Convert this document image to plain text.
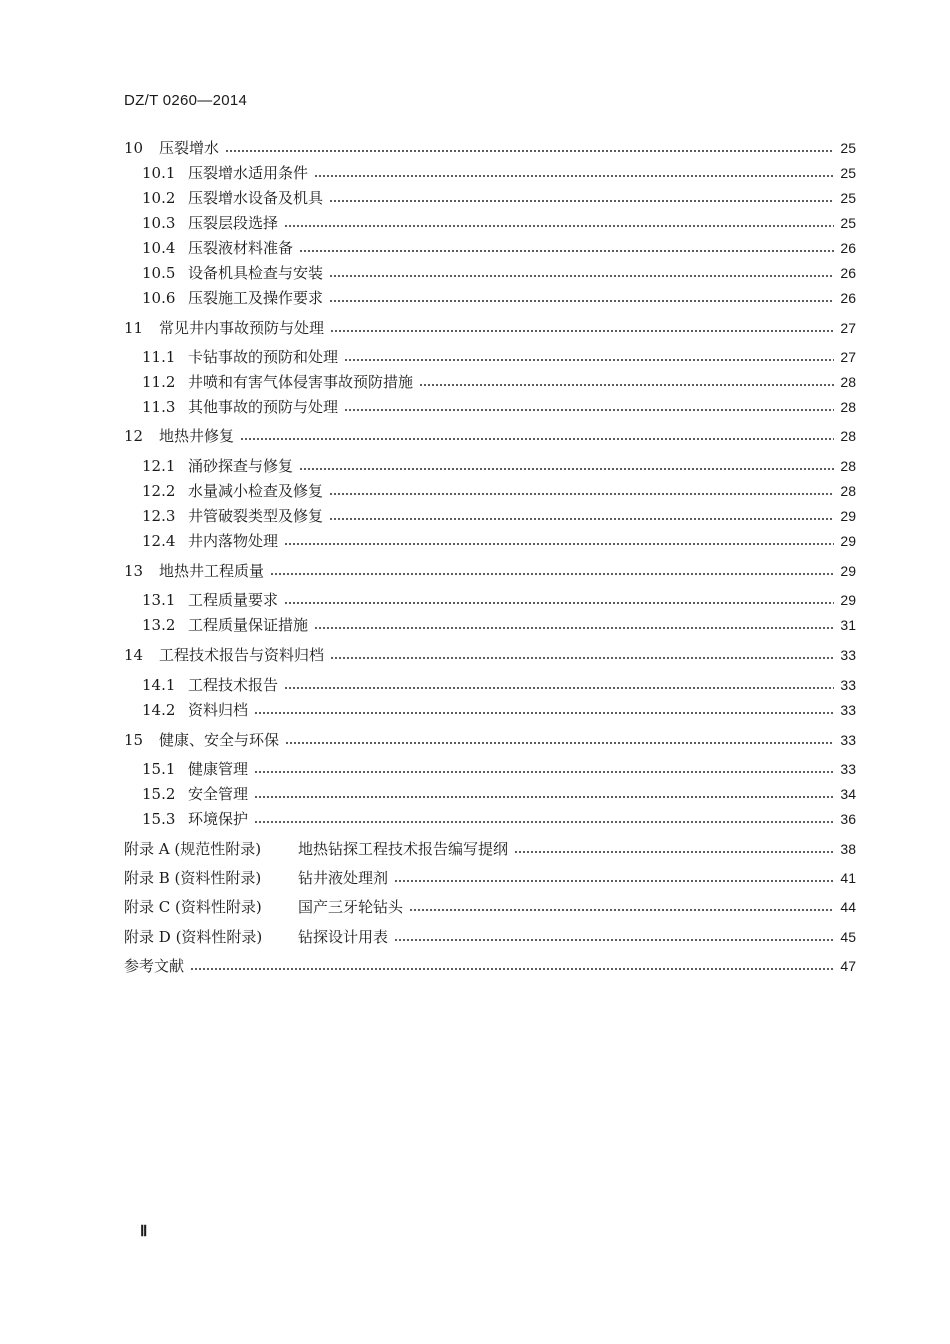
DZ/T 0260—2014
10	压裂增水	25
10.1 压裂增水适用条件	25
10.2 压裂增水设备及机具	25
10.3 压裂层段选择	25
10.4 压裂液材料准备	26
10.5 设备机具检查与安装	26
10.6 压裂施工及操作要求	26
11	常见井内事故预防与处理	27
11.1 卡钻事故的预防和处理	27
11.2 井喷和有害气体侵害事故预防措施	28
11.3 其他事故的预防与处理	28
12	地热井修复	28
12.1 涌砂探查与修复	28
12.2 水量减小检查及修复	28
12.3 井管破裂类型及修复	29
12.4 井内落物处理	29
13	地热井工程质量	29
13.1 工程质量要求	29
13.2 工程质量保证措施	31
14	工程技术报告与资料归档	33
14.1 工程技术报告	33
14.2 资料归档	33
15	健康、安全与环保	33
15.1 健康管理	33
15.2 安全管理	34
15.3 环境保护	36
附录 A (规范性附录)	地热钻探工程技术报告编写提纲	38
附录 B (资料性附录)	钻井液处理剂	41
附录 C (资料性附录)	国产三牙轮钻头	44
附录 D (资料性附录)	钻探设计用表	45
参考文献	47
Ⅱ
